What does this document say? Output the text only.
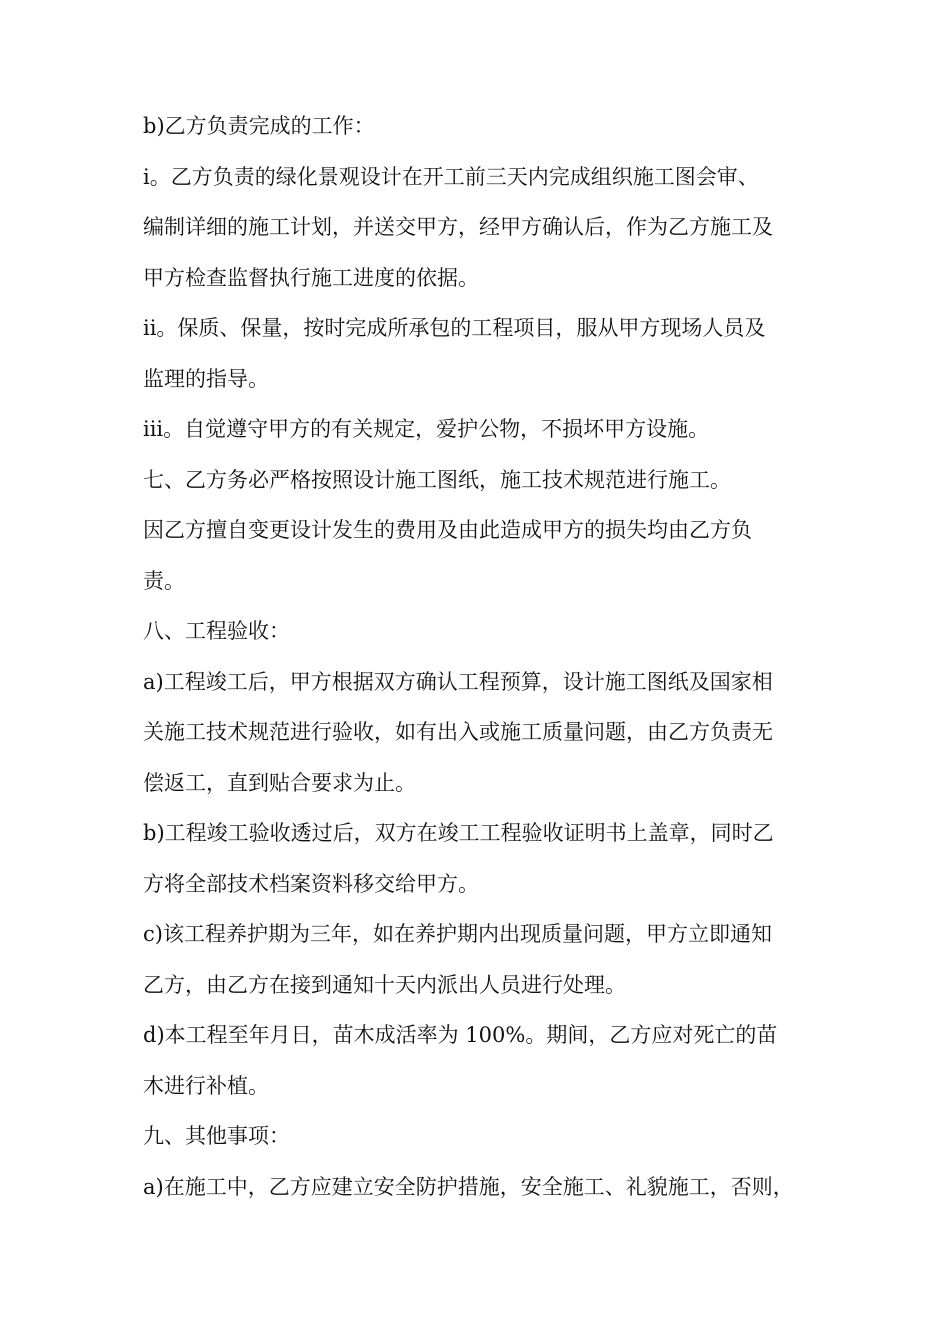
b)乙方负责完成的工作：
i。乙方负责的绿化景观设计在开工前三天内完成组织施工图会审、
编制详细的施工计划，并送交甲方，经甲方确认后，作为乙方施工及
甲方检查监督执行施工进度的依据。
ii。保质、保量，按时完成所承包的工程项目，服从甲方现场人员及
监理的指导。
iii。自觉遵守甲方的有关规定，爱护公物，不损坏甲方设施。
七、乙方务必严格按照设计施工图纸，施工技术规范进行施工。
因乙方擅自变更设计发生的费用及由此造成甲方的损失均由乙方负
责。
八、工程验收：
a)工程竣工后，甲方根据双方确认工程预算，设计施工图纸及国家相
关施工技术规范进行验收，如有出入或施工质量问题，由乙方负责无
偿返工，直到贴合要求为止。
b)工程竣工验收透过后，双方在竣工工程验收证明书上盖章，同时乙
方将全部技术档案资料移交给甲方。
c)该工程养护期为三年，如在养护期内出现质量问题，甲方立即通知
乙方，由乙方在接到通知十天内派出人员进行处理。
d)本工程至年月日，苗木成活率为 100%。期间，乙方应对死亡的苗
木进行补植。
九、其他事项：
a)在施工中，乙方应建立安全防护措施，安全施工、礼貌施工，否则，
